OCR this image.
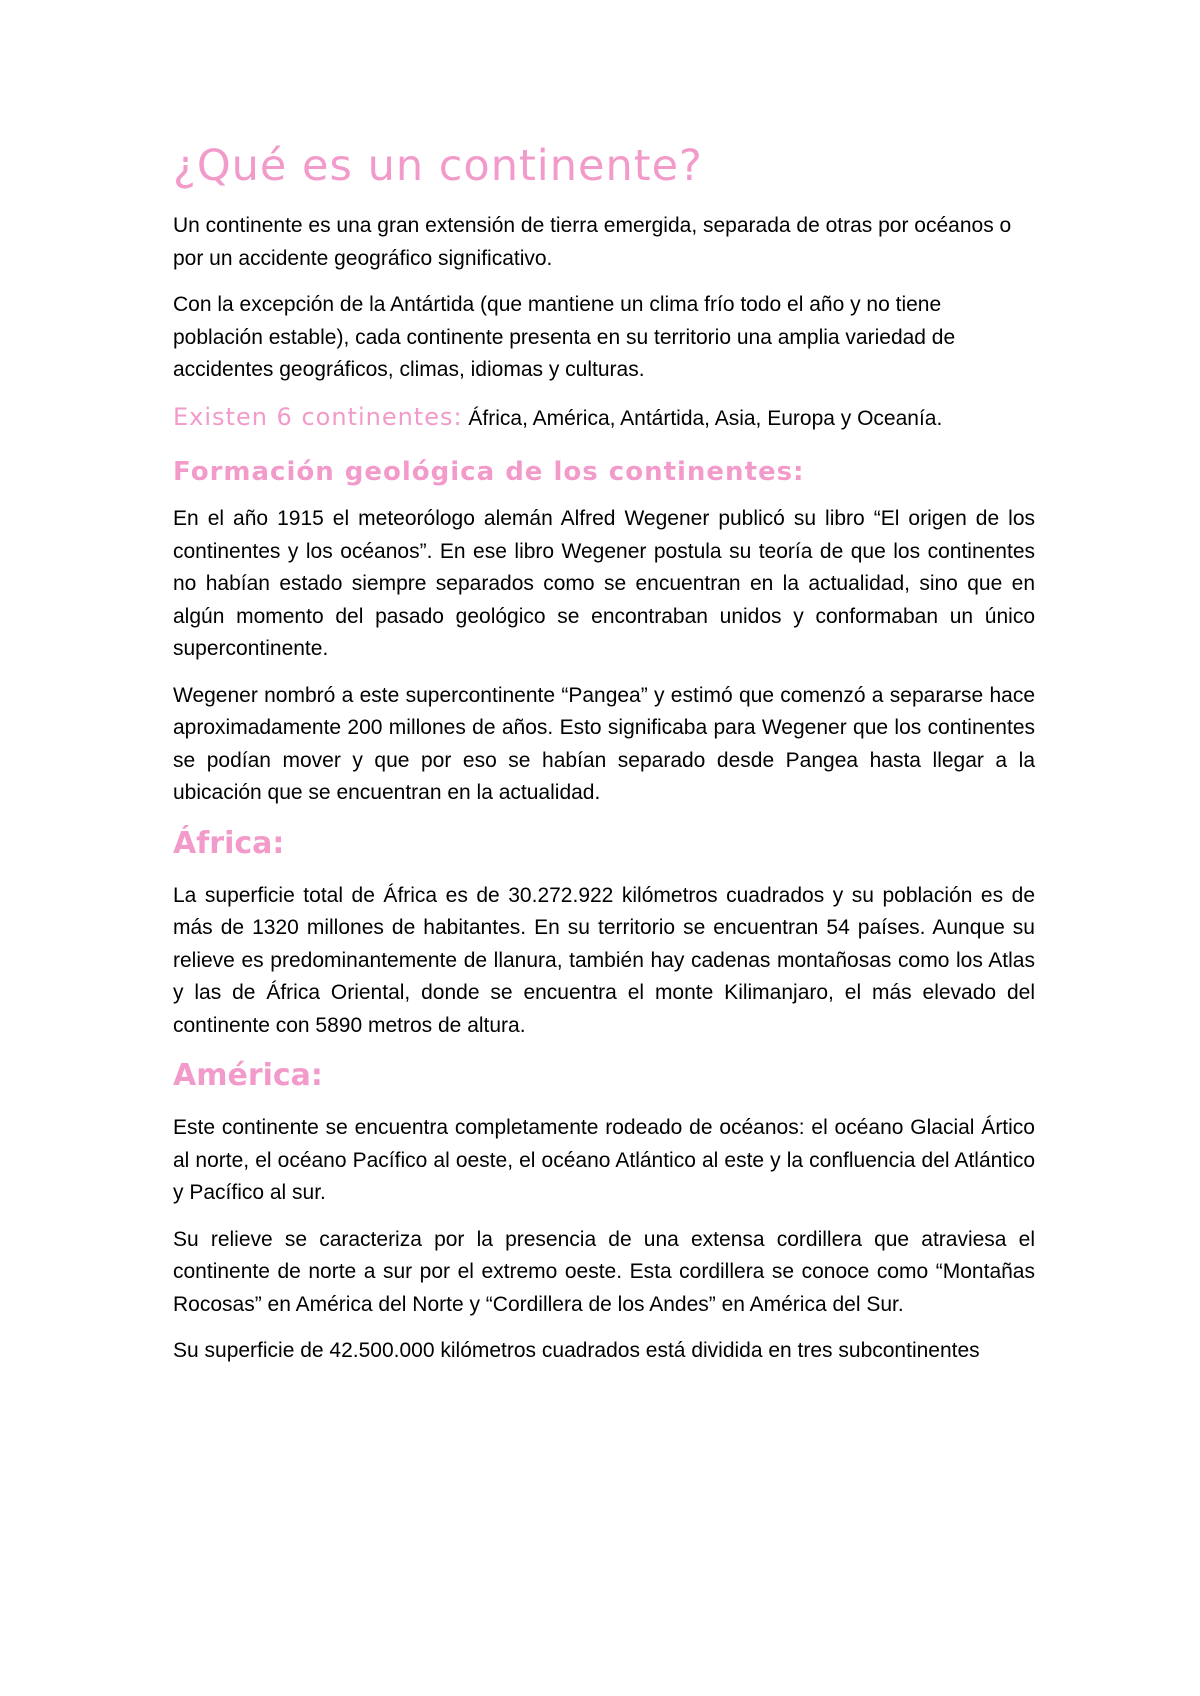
¿Qué es un continente?

Un continente es una gran extensión de tierra emergida, separada de otras por océanos o por un accidente geográfico significativo.

Con la excepción de la Antártida (que mantiene un clima frío todo el año y no tiene población estable), cada continente presenta en su territorio una amplia variedad de accidentes geográficos, climas, idiomas y culturas.

Existen 6 continentes: África, América, Antártida, Asia, Europa y Oceanía.

Formación geológica de los continentes:

En el año 1915 el meteorólogo alemán Alfred Wegener publicó su libro “El origen de los continentes y los océanos”. En ese libro Wegener postula su teoría de que los continentes no habían estado siempre separados como se encuentran en la actualidad, sino que en algún momento del pasado geológico se encontraban unidos y conformaban un único supercontinente.

Wegener nombró a este supercontinente “Pangea” y estimó que comenzó a separarse hace aproximadamente 200 millones de años. Esto significaba para Wegener que los continentes se podían mover y que por eso se habían separado desde Pangea hasta llegar a la ubicación que se encuentran en la actualidad.

África:

La superficie total de África es de 30.272.922 kilómetros cuadrados y su población es de más de 1320 millones de habitantes. En su territorio se encuentran 54 países. Aunque su relieve es predominantemente de llanura, también hay cadenas montañosas como los Atlas y las de África Oriental, donde se encuentra el monte Kilimanjaro, el más elevado del continente con 5890 metros de altura.

América:

Este continente se encuentra completamente rodeado de océanos: el océano Glacial Ártico al norte, el océano Pacífico al oeste, el océano Atlántico al este y la confluencia del Atlántico y Pacífico al sur.

Su relieve se caracteriza por la presencia de una extensa cordillera que atraviesa el continente de norte a sur por el extremo oeste. Esta cordillera se conoce como “Montañas Rocosas” en América del Norte y “Cordillera de los Andes” en América del Sur.

Su superficie de 42.500.000 kilómetros cuadrados está dividida en tres subcontinentes
